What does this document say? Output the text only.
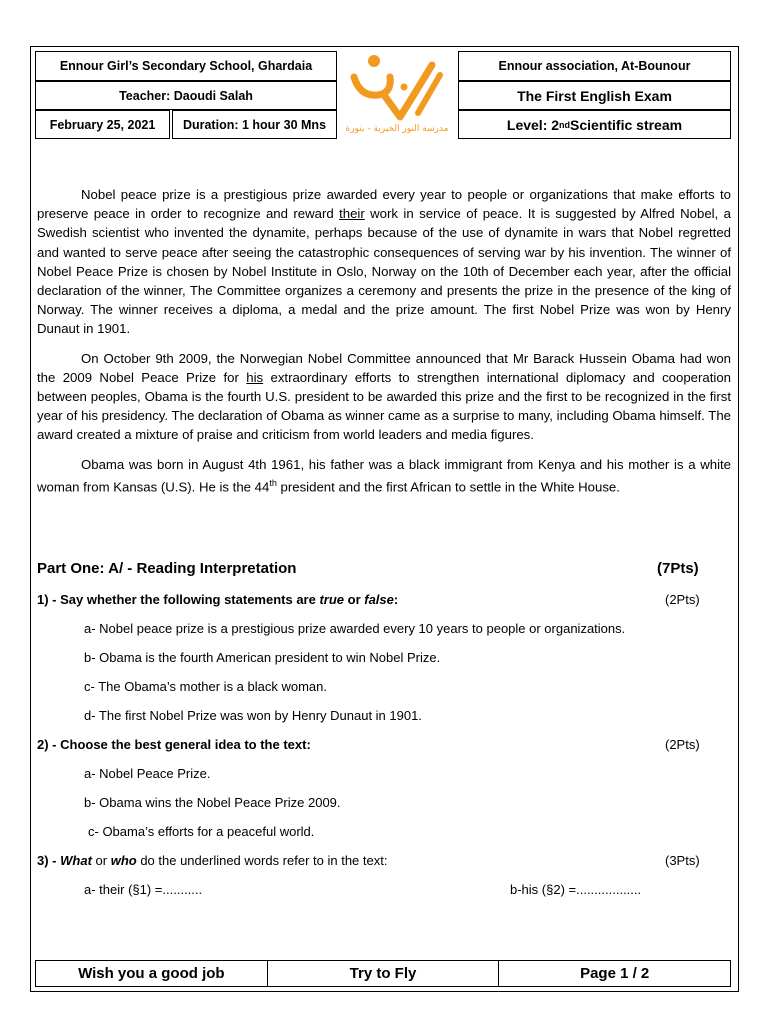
Ennour Girl’s Secondary School, Ghardaia
Teacher: Daoudi Salah
February 25, 2021	Duration: 1 hour 30 Mns	مدرسة النور الخيرية - بنورة
Ennour association, At-Bounour
The First English Exam
Level: 2 nd Scientific stream

Nobel peace prize is a prestigious prize awarded every year to people or organizations that make efforts to preserve peace in order to recognize and reward their work in service of peace. It is suggested by Alfred Nobel, a Swedish scientist who invented the dynamite, perhaps because of the use of dynamite in wars that Nobel regretted and wanted to serve peace after seeing the catastrophic consequences of serving war by his invention. The winner of Nobel Peace Prize is chosen by Nobel Institute in Oslo, Norway on the 10th of December each year, after the official declaration of the winner, The Committee organizes a ceremony and presents the prize in the presence of the king of Norway. The winner receives a diploma, a medal and the prize amount. The first Nobel Prize was won by Henry Dunaut in 1901.

On October 9th 2009, the Norwegian Nobel Committee announced that Mr Barack Hussein Obama had won the 2009 Nobel Peace Prize for his extraordinary efforts to strengthen international diplomacy and cooperation between peoples, Obama is the fourth U.S. president to be awarded this prize and the first to be recognized in the first year of his presidency. The declaration of Obama as winner came as a surprise to many, including Obama himself. The award created a mixture of praise and criticism from world leaders and media figures.

Obama was born in August 4th 1961, his father was a black immigrant from Kenya and his mother is a white woman from Kansas (U.S). He is the 44th president and the first African to settle in the White House.

Part One: A/ - Reading Interpretation	(7Pts)
1) - Say whether the following statements are true or false:	(2Pts)
a- Nobel peace prize is a prestigious prize awarded every 10 years to people or organizations.
b- Obama is the fourth American president to win Nobel Prize.
c- The Obama’s mother is a black woman.
d- The first Nobel Prize was won by Henry Dunaut in 1901.
2) - Choose the best general idea to the text:	(2Pts)
a- Nobel Peace Prize.
b- Obama wins the Nobel Peace Prize 2009.
c- Obama’s efforts for a peaceful world.
3) - What or who do the underlined words refer to in the text:	(3Pts)
a- their (§1) =...........	b-his (§2) =..................
Wish you a good job	Try to Fly	Page 1 / 2
